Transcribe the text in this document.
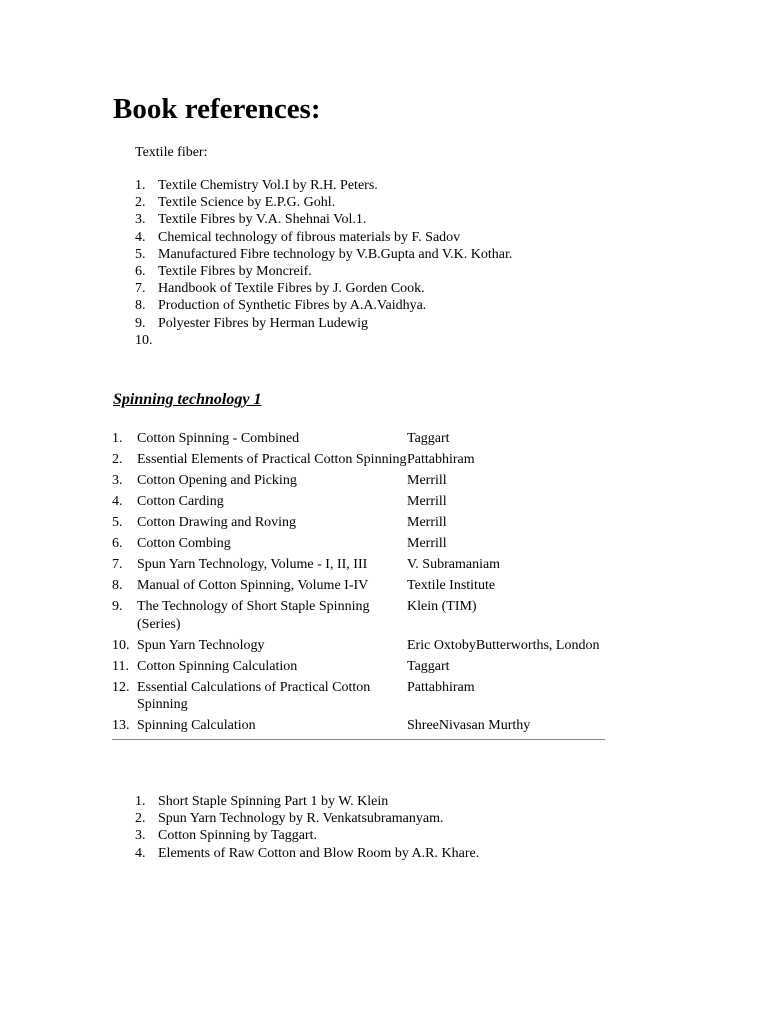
Book references:
Textile fiber:
1. Textile Chemistry Vol.I by R.H. Peters.
2. Textile Science by E.P.G. Gohl.
3. Textile Fibres by V.A. Shehnai Vol.1.
4. Chemical technology of fibrous materials by F. Sadov
5. Manufactured Fibre technology by V.B.Gupta and V.K. Kothar.
6. Textile Fibres by Moncreif.
7. Handbook of Textile Fibres by J. Gorden Cook.
8. Production of Synthetic Fibres by A.A.Vaidhya.
9. Polyester Fibres by Herman Ludewig
10.
Spinning technology 1
1.	Cotton Spinning - Combined	Taggart
2.	Essential Elements of Practical Cotton Spinning	Pattabhiram
3.	Cotton Opening and Picking	Merrill
4.	Cotton Carding	Merrill
5.	Cotton Drawing and Roving	Merrill
6.	Cotton Combing	Merrill
7.	Spun Yarn Technology, Volume - I, II, III	V. Subramaniam
8.	Manual of Cotton Spinning, Volume I-IV	Textile Institute
9.	The Technology of Short Staple Spinning (Series)	Klein (TIM)
10.	Spun Yarn Technology	Eric OxtobyButterworths, London
11.	Cotton Spinning Calculation	Taggart
12.	Essential Calculations of Practical Cotton Spinning	Pattabhiram
13.	Spinning Calculation	ShreeNivasan Murthy
1. Short Staple Spinning Part 1 by W. Klein
2. Spun Yarn Technology by R. Venkatsubramanyam.
3. Cotton Spinning by Taggart.
4. Elements of Raw Cotton and Blow Room by A.R. Khare.
